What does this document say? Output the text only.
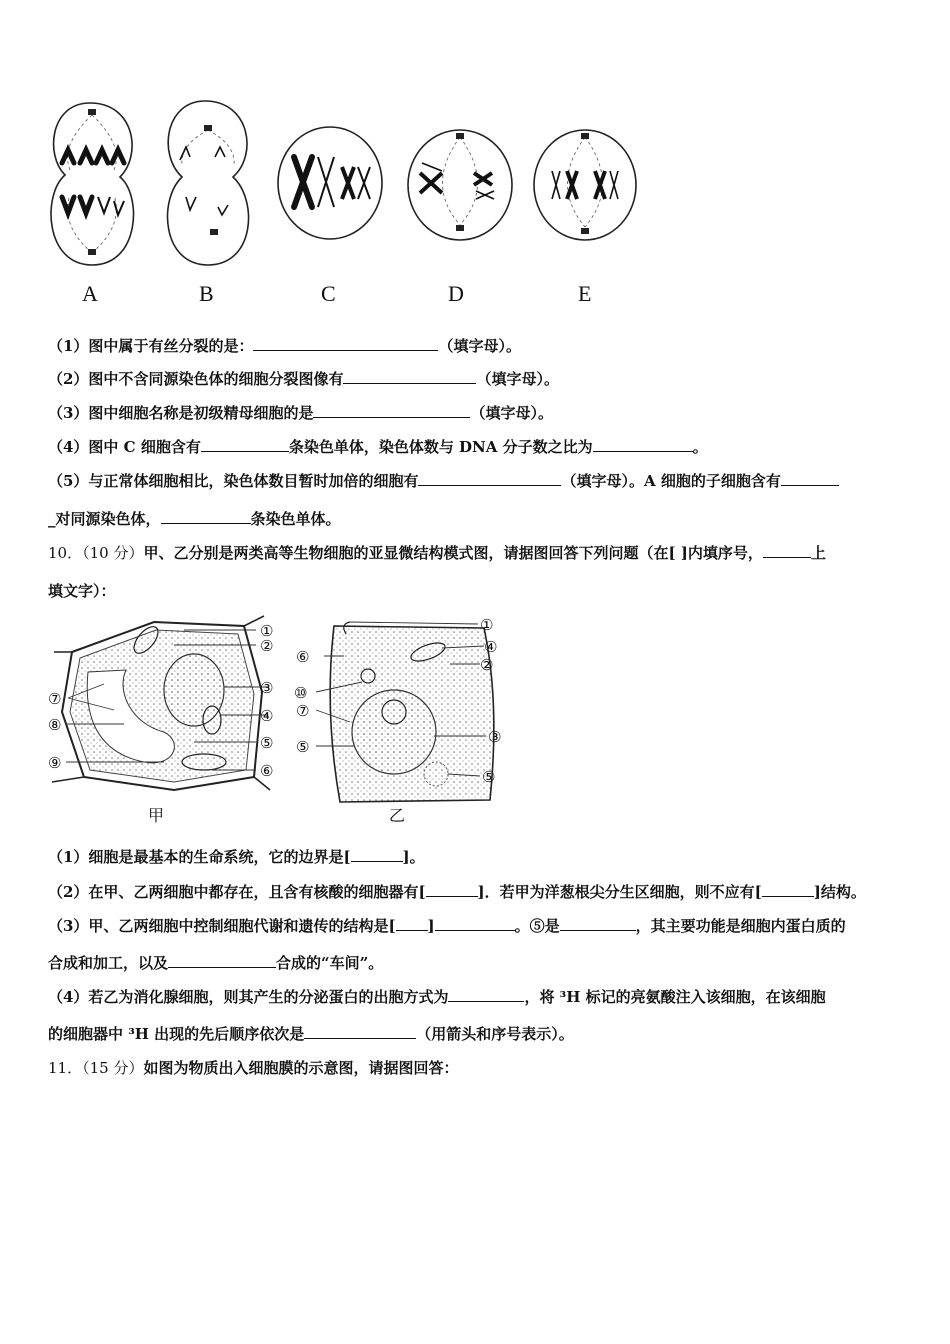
A	B	C	D	E
（1）图中属于有丝分裂的是：	（填字母）。
（2）图中不含同源染色体的细胞分裂图像有	（填字母）。
（3）图中细胞名称是初级精母细胞的是	（填字母）。
（4）图中 C 细胞含有	条染色单体，染色体数与 DNA 分子数之比为	。
（5）与正常体细胞相比，染色体数目暂时加倍的细胞有	（填字母）。A 细胞的子细胞含有
_对同源染色体，	条染色单体。
10．（10 分）甲、乙分别是两类高等生物细胞的亚显微结构模式图，请据图回答下列问题（在[ ]内填序号，	上
填文字）：
①
②
③
④
⑤
⑥
⑦
⑧
⑨
①
④
②
⑥
⑩
⑦
⑤
③
⑤
甲	乙
（1）细胞是最基本的生命系统，它的边界是[	]。
（2）在甲、乙两细胞中都存在，且含有核酸的细胞器有[	]．若甲为洋葱根尖分生区细胞，则不应有[	]结构。
（3）甲、乙两细胞中控制细胞代谢和遗传的结构是[ ]	。⑤是	，其主要功能是细胞内蛋白质的
合成和加工，以及	合成的“车间”。
（4）若乙为消化腺细胞，则其产生的分泌蛋白的出胞方式为	，将 ³H 标记的亮氨酸注入该细胞，在该细胞
的细胞器中 ³H 出现的先后顺序依次是	（用箭头和序号表示）。
11．（15 分）如图为物质出入细胞膜的示意图，请据图回答：
